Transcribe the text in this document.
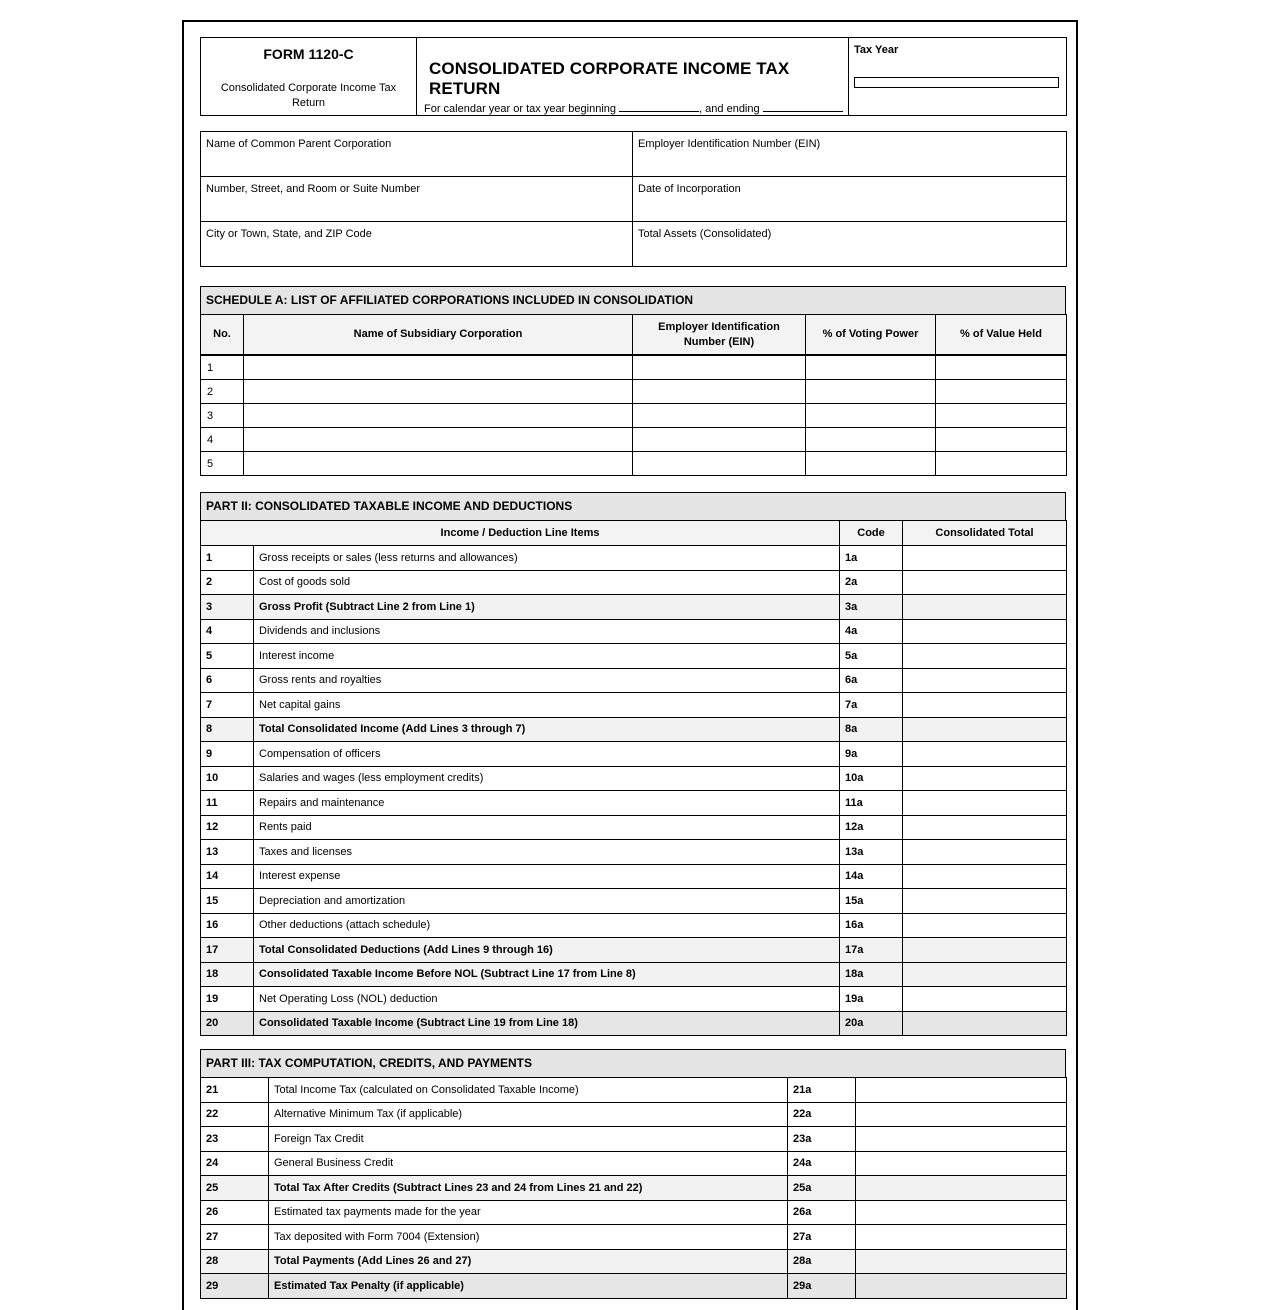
FORM 1120-C
Consolidated Corporate Income Tax Return

CONSOLIDATED CORPORATE INCOME TAX RETURN
For calendar year or tax year beginning	, and ending

Tax Year
Name of Common Parent Corporation	Employer Identification Number (EIN)
Number, Street, and Room or Suite Number	Date of Incorporation
City or Town, State, and ZIP Code	Total Assets (Consolidated)
SCHEDULE A: LIST OF AFFILIATED CORPORATIONS INCLUDED IN CONSOLIDATION
No.	Name of Subsidiary Corporation	Employer Identification Number (EIN)	% of Voting Power	% of Value Held
1				
2				
3				
4				
5				
PART II: CONSOLIDATED TAXABLE INCOME AND DEDUCTIONS
Income / Deduction Line Items		Code	Consolidated Total
1	Gross receipts or sales (less returns and allowances)	1a	
2	Cost of goods sold	2a	
3	Gross Profit (Subtract Line 2 from Line 1)	3a	
4	Dividends and inclusions	4a	
5	Interest income	5a	
6	Gross rents and royalties	6a	
7	Net capital gains	7a	
8	Total Consolidated Income (Add Lines 3 through 7)	8a	
9	Compensation of officers	9a	
10	Salaries and wages (less employment credits)	10a	
11	Repairs and maintenance	11a	
12	Rents paid	12a	
13	Taxes and licenses	13a	
14	Interest expense	14a	
15	Depreciation and amortization	15a	
16	Other deductions (attach schedule)	16a	
17	Total Consolidated Deductions (Add Lines 9 through 16)	17a	
18	Consolidated Taxable Income Before NOL (Subtract Line 17 from Line 8)	18a	
19	Net Operating Loss (NOL) deduction	19a	
20	Consolidated Taxable Income (Subtract Line 19 from Line 18)	20a	
PART III: TAX COMPUTATION, CREDITS, AND PAYMENTS
21	Total Income Tax (calculated on Consolidated Taxable Income)	21a	
22	Alternative Minimum Tax (if applicable)	22a	
23	Foreign Tax Credit	23a	
24	General Business Credit	24a	
25	Total Tax After Credits (Subtract Lines 23 and 24 from Lines 21 and 22)	25a	
26	Estimated tax payments made for the year	26a	
27	Tax deposited with Form 7004 (Extension)	27a	
28	Total Payments (Add Lines 26 and 27)	28a	
29	Estimated Tax Penalty (if applicable)	29a	
